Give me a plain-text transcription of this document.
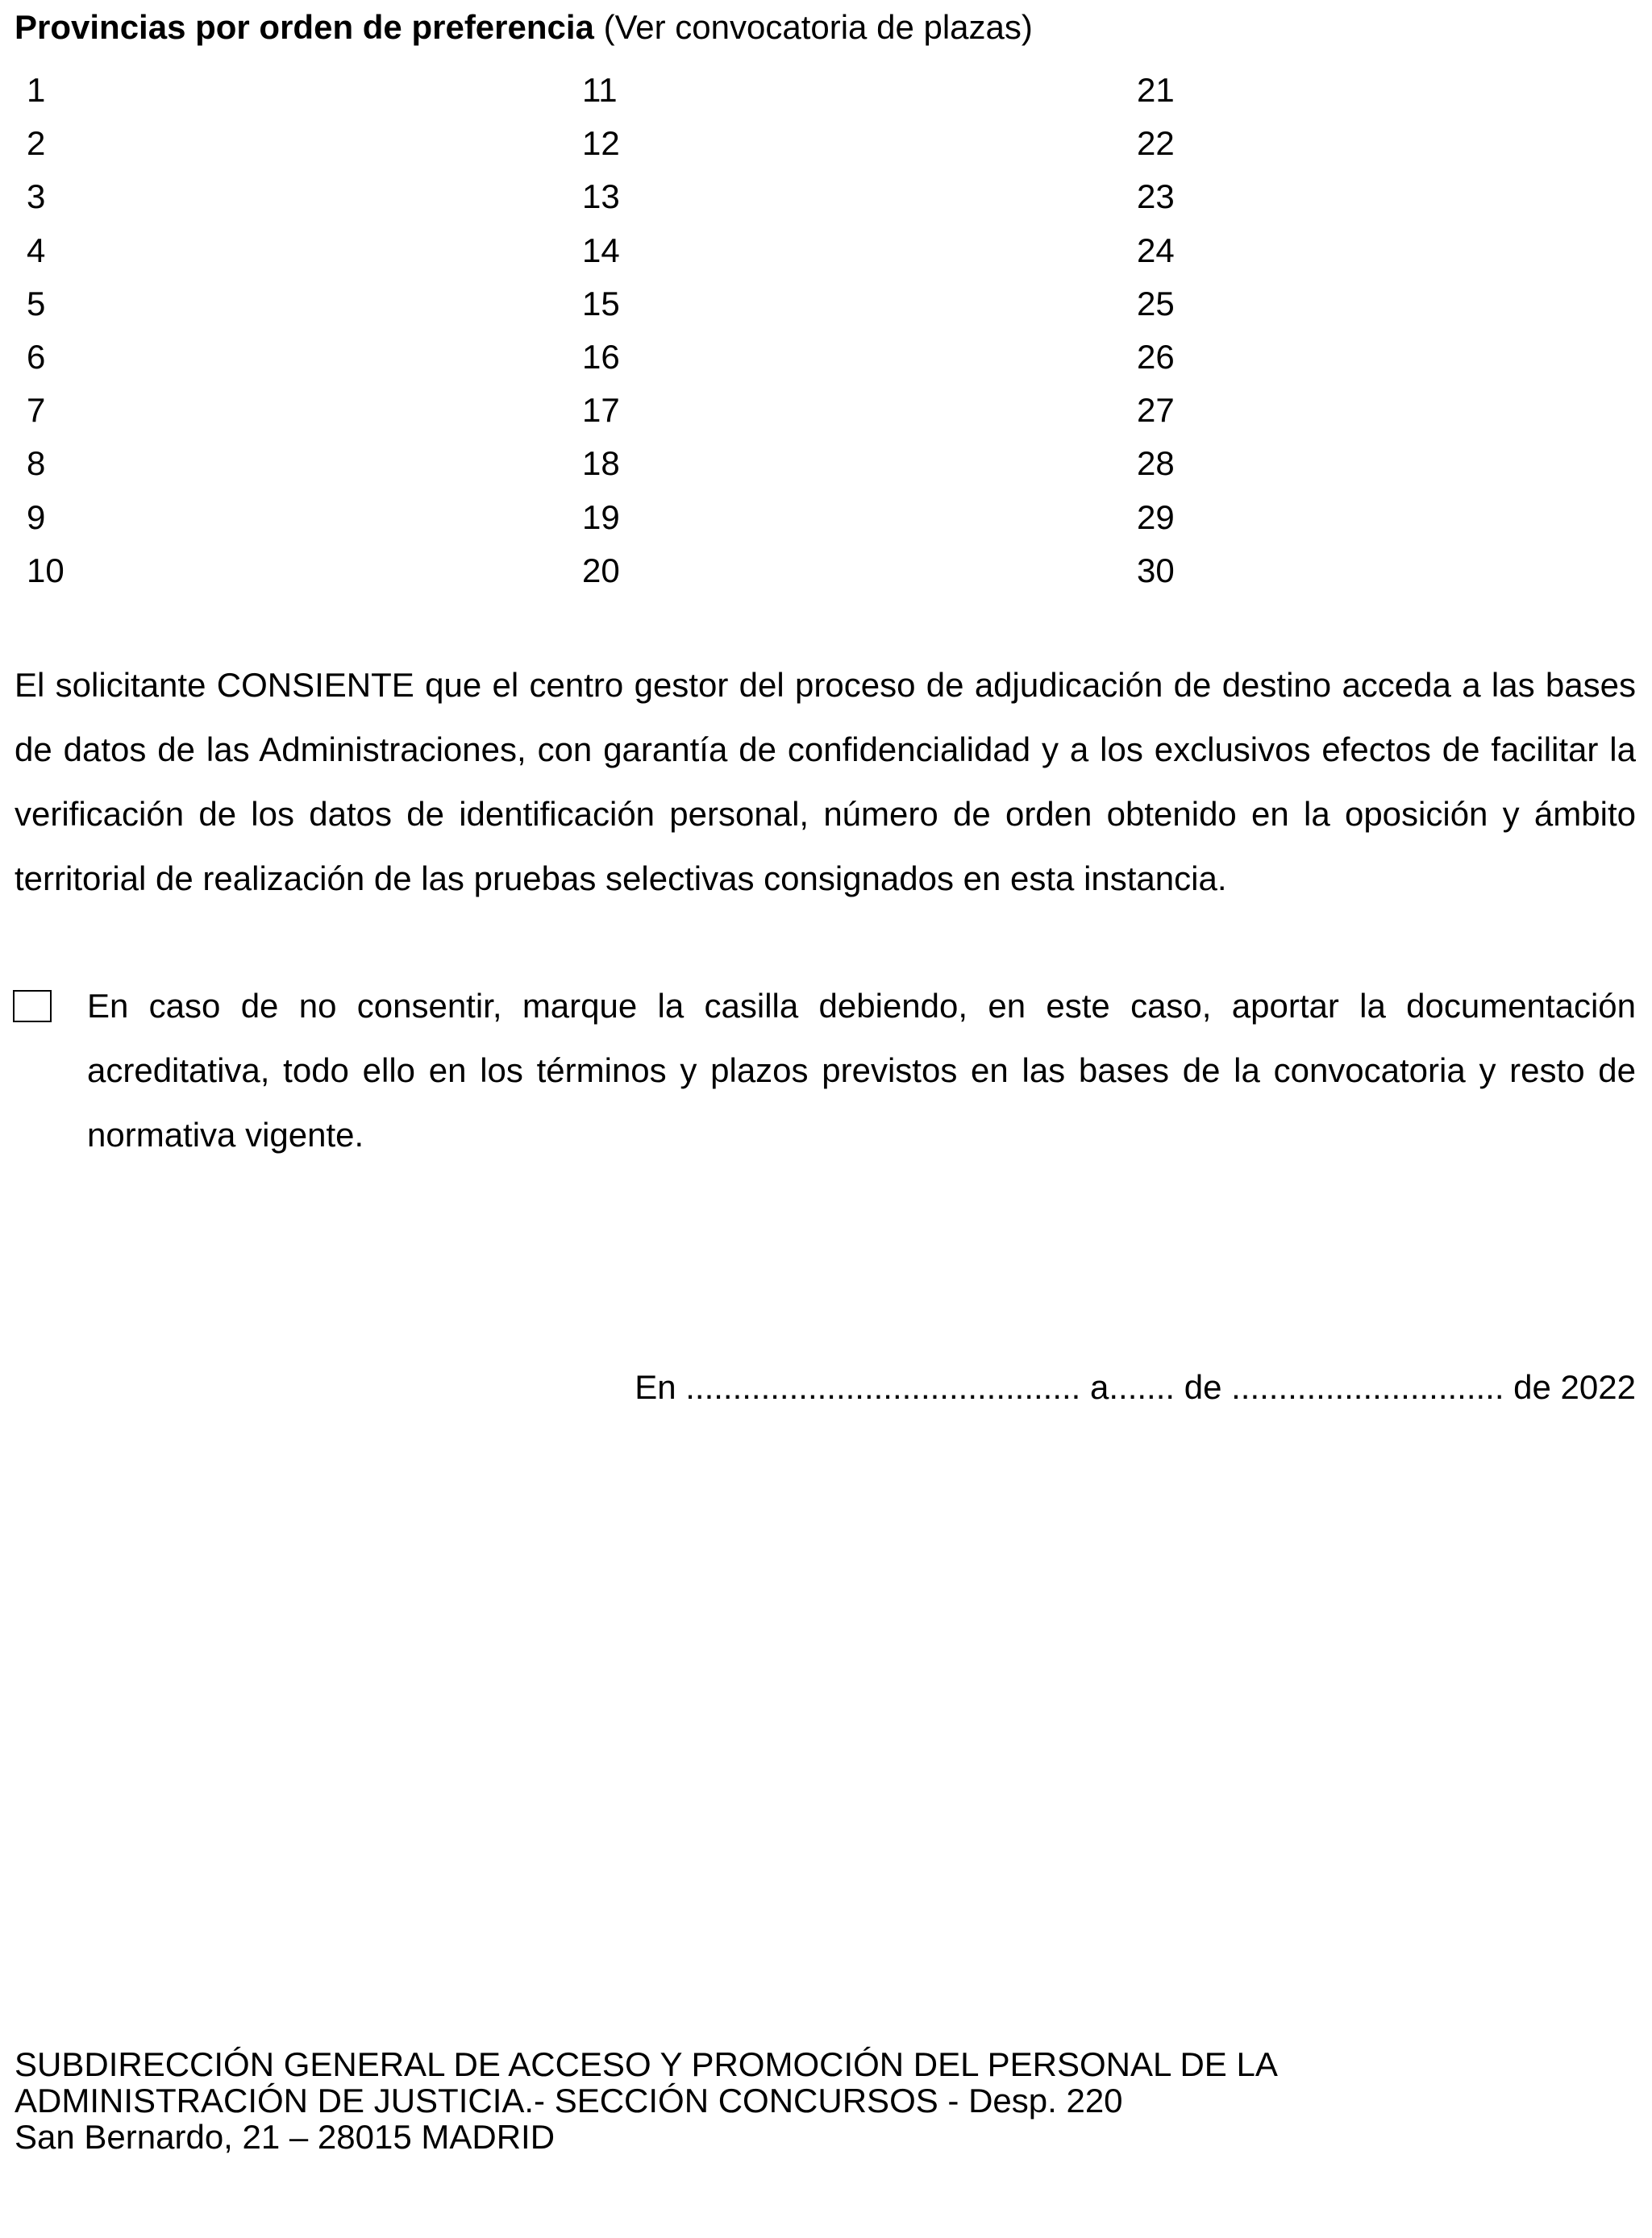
Provincias por orden de preferencia (Ver convocatoria de plazas)
1
2
3
4
5
6
7
8
9
10
11
12
13
14
15
16
17
18
19
20
21
22
23
24
25
26
27
28
29
30

El solicitante CONSIENTE que el centro gestor del proceso de adjudicación de destino acceda a las bases de datos de las Administraciones, con garantía de confidencialidad y a los exclusivos efectos de facilitar la verificación de los datos de identificación personal, número de orden obtenido en la oposición y ámbito territorial de realización de las pruebas selectivas consignados en esta instancia.

En caso de no consentir, marque la casilla debiendo, en este caso, aportar la documentación acreditativa, todo ello en los términos y plazos previstos en las bases de la convocatoria y resto de normativa vigente.

En .......................................... a....... de ............................. de 2022
SUBDIRECCIÓN GENERAL DE ACCESO Y PROMOCIÓN DEL PERSONAL DE LA
ADMINISTRACIÓN DE JUSTICIA.- SECCIÓN CONCURSOS - Desp. 220
San Bernardo, 21 – 28015 MADRID
